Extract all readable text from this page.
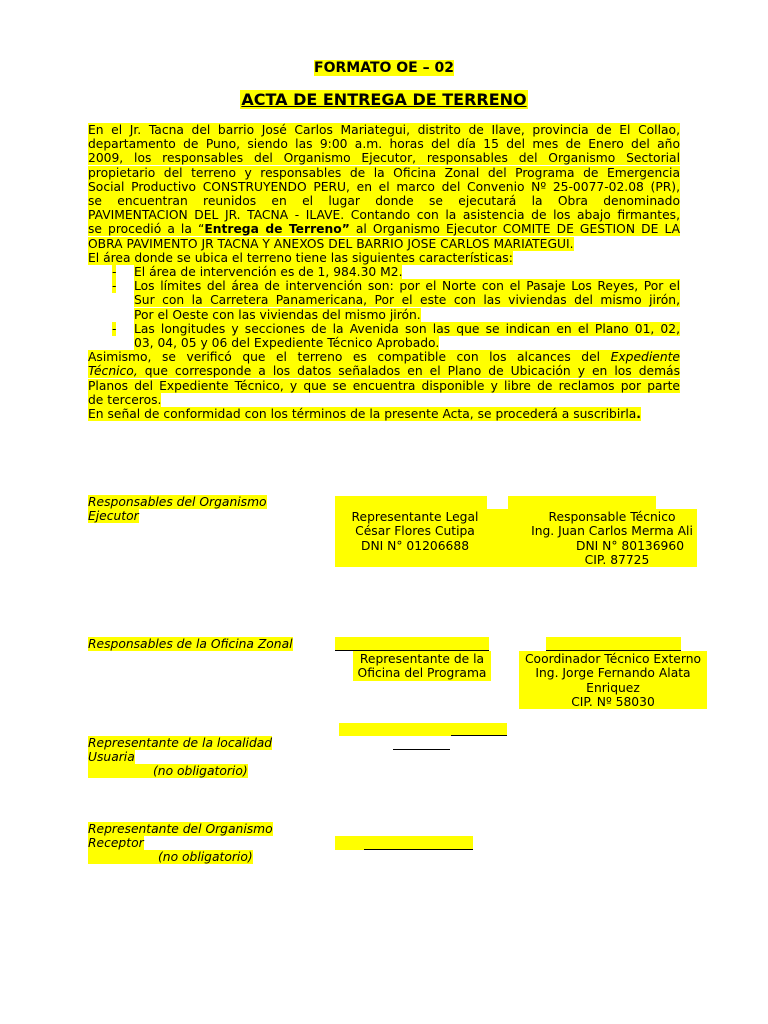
FORMATO OE – 02
ACTA DE ENTREGA DE TERRENO

En el Jr. Tacna del barrio José Carlos Mariategui, distrito de Ilave, provincia de El Collao,

departamento de Puno, siendo las 9:00 a.m. horas del día 15 del mes de Enero del año

2009, los responsables del Organismo Ejecutor, responsables del Organismo Sectorial

propietario del terreno y responsables de la Oficina Zonal del Programa de Emergencia

Social Productivo CONSTRUYENDO PERU, en el marco del Convenio Nº 25-0077-02.08 (PR),

se encuentran reunidos en el lugar donde se ejecutará la Obra denominado

PAVIMENTACION DEL JR. TACNA - ILAVE. Contando con la asistencia de los abajo firmantes,

se procedió a la “Entrega de Terreno” al Organismo Ejecutor COMITE DE GESTION DE LA

OBRA PAVIMENTO JR TACNA Y ANEXOS DEL BARRIO JOSE CARLOS MARIATEGUI.

El área donde se ubica el terreno tiene las siguientes características:

- El área de intervención es de 1, 984.30 M2.
- Los límites del área de intervención son: por el Norte con el Pasaje Los Reyes, Por el
Sur con la Carretera Panamericana, Por el este con las viviendas del mismo jirón,
Por el Oeste con las viviendas del mismo jirón.
- Las longitudes y secciones de la Avenida son las que se indican en el Plano 01, 02,
03, 04, 05 y 06 del Expediente Técnico Aprobado.

Asimismo, se verificó que el terreno es compatible con los alcances del Expediente

Técnico, que corresponde a los datos señalados en el Plano de Ubicación y en los demás

Planos del Expediente Técnico, y que se encuentra disponible y libre de reclamos por parte

de terceros.

En señal de conformidad con los términos de la presente Acta, se procederá a suscribirla.

Responsables del Organismo
Ejecutor	Representante Legal
César Flores Cutipa
DNI N° 01206688
Responsable Técnico
Ing. Juan Carlos Merma Ali
DNI N° 80136960
CIP. 87725
Responsables de la Oficina Zonal
Representante de la
Oficina del Programa
Coordinador Técnico Externo
Ing. Jorge Fernando Alata
Enriquez
CIP. Nº 58030
Representante de la localidad
Usuaria
(no obligatorio)
Representante del Organismo
Receptor
(no obligatorio)
